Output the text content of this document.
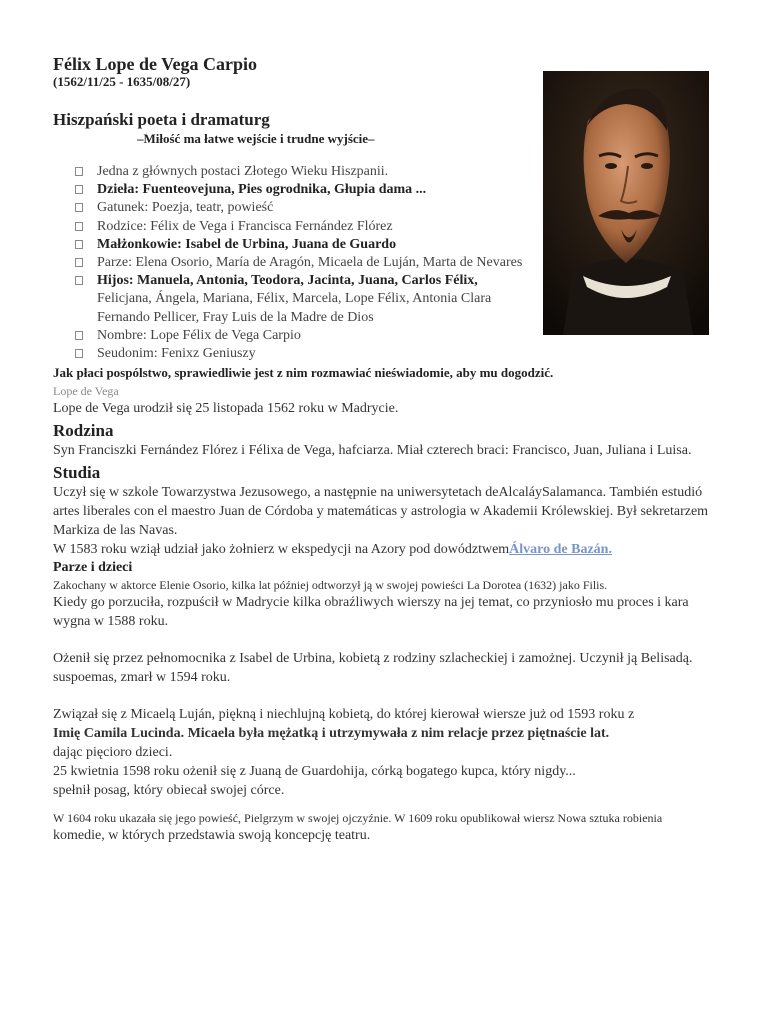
Félix Lope de Vega Carpio

(1562/11/25 - 1635/08/27)

Hiszpański poeta i dramaturg

–Miłość ma łatwe wejście i trudne wyjście–

Jedna z głównych postaci Złotego Wieku Hiszpanii.
Dzieła: Fuenteovejuna, Pies ogrodnika, Głupia dama ...
Gatunek: Poezja, teatr, powieść
Rodzice: Félix de Vega i Francisca Fernández Flórez
Małżonkowie: Isabel de Urbina, Juana de Guardo
Parze: Elena Osorio, María de Aragón, Micaela de Luján, Marta de Nevares
Hijos: Manuela, Antonia, Teodora, Jacinta, Juana, Carlos Félix, Felicjana, Ángela, Mariana, Félix, Marcela, Lope Félix, Antonia Clara Fernando Pellicer, Fray Luis de la Madre de Dios
Nombre: Lope Félix de Vega Carpio
Seudonim: Fenixz Geniuszy

Jak płaci pospólstwo, sprawiedliwie jest z nim rozmawiać nieświadomie, aby mu dogodzić.

Lope de Vega

Lope de Vega urodził się 25 listopada 1562 roku w Madrycie.

Rodzina

Syn Franciszki Fernández Flórez i Félixa de Vega, hafciarza. Miał czterech braci: Francisco, Juan, Juliana i Luisa.

Studia

Uczył się w szkole Towarzystwa Jezusowego, a następnie na uniwersytetach deAlcaláySalamanca. También estudió artes liberales con el maestro Juan de Córdoba y matemáticas y astrologia w Akademii Królewskiej. Był sekretarzem Markiza de las Navas.

W 1583 roku wziął udział jako żołnierz w ekspedycji na Azory pod dowództwemÁlvaro de Bazán.

Parze i dzieci

Zakochany w aktorce Elenie Osorio, kilka lat później odtworzył ją w swojej powieści La Dorotea (1632) jako Filis.

Kiedy go porzuciła, rozpuścił w Madrycie kilka obraźliwych wierszy na jej temat, co przyniosło mu proces i kara wygna w 1588 roku.

Ożenił się przez pełnomocnika z Isabel de Urbina, kobietą z rodziny szlacheckiej i zamożnej. Uczynił ją Belisadą. suspoemas, zmarł w 1594 roku.

Związał się z Micaelą Luján, piękną i niechlujną kobietą, do której kierował wiersze już od 1593 roku z

Imię Camila Lucinda. Micaela była mężatką i utrzymywała z nim relacje przez piętnaście lat.

dając pięcioro dzieci.

25 kwietnia 1598 roku ożenił się z Juaną de Guardohija, córką bogatego kupca, który nigdy...

spełnił posag, który obiecał swojej córce.

W 1604 roku ukazała się jego powieść, Pielgrzym w swojej ojczyźnie. W 1609 roku opublikował wiersz Nowa sztuka robienia

komedie, w których przedstawia swoją koncepcję teatru.
